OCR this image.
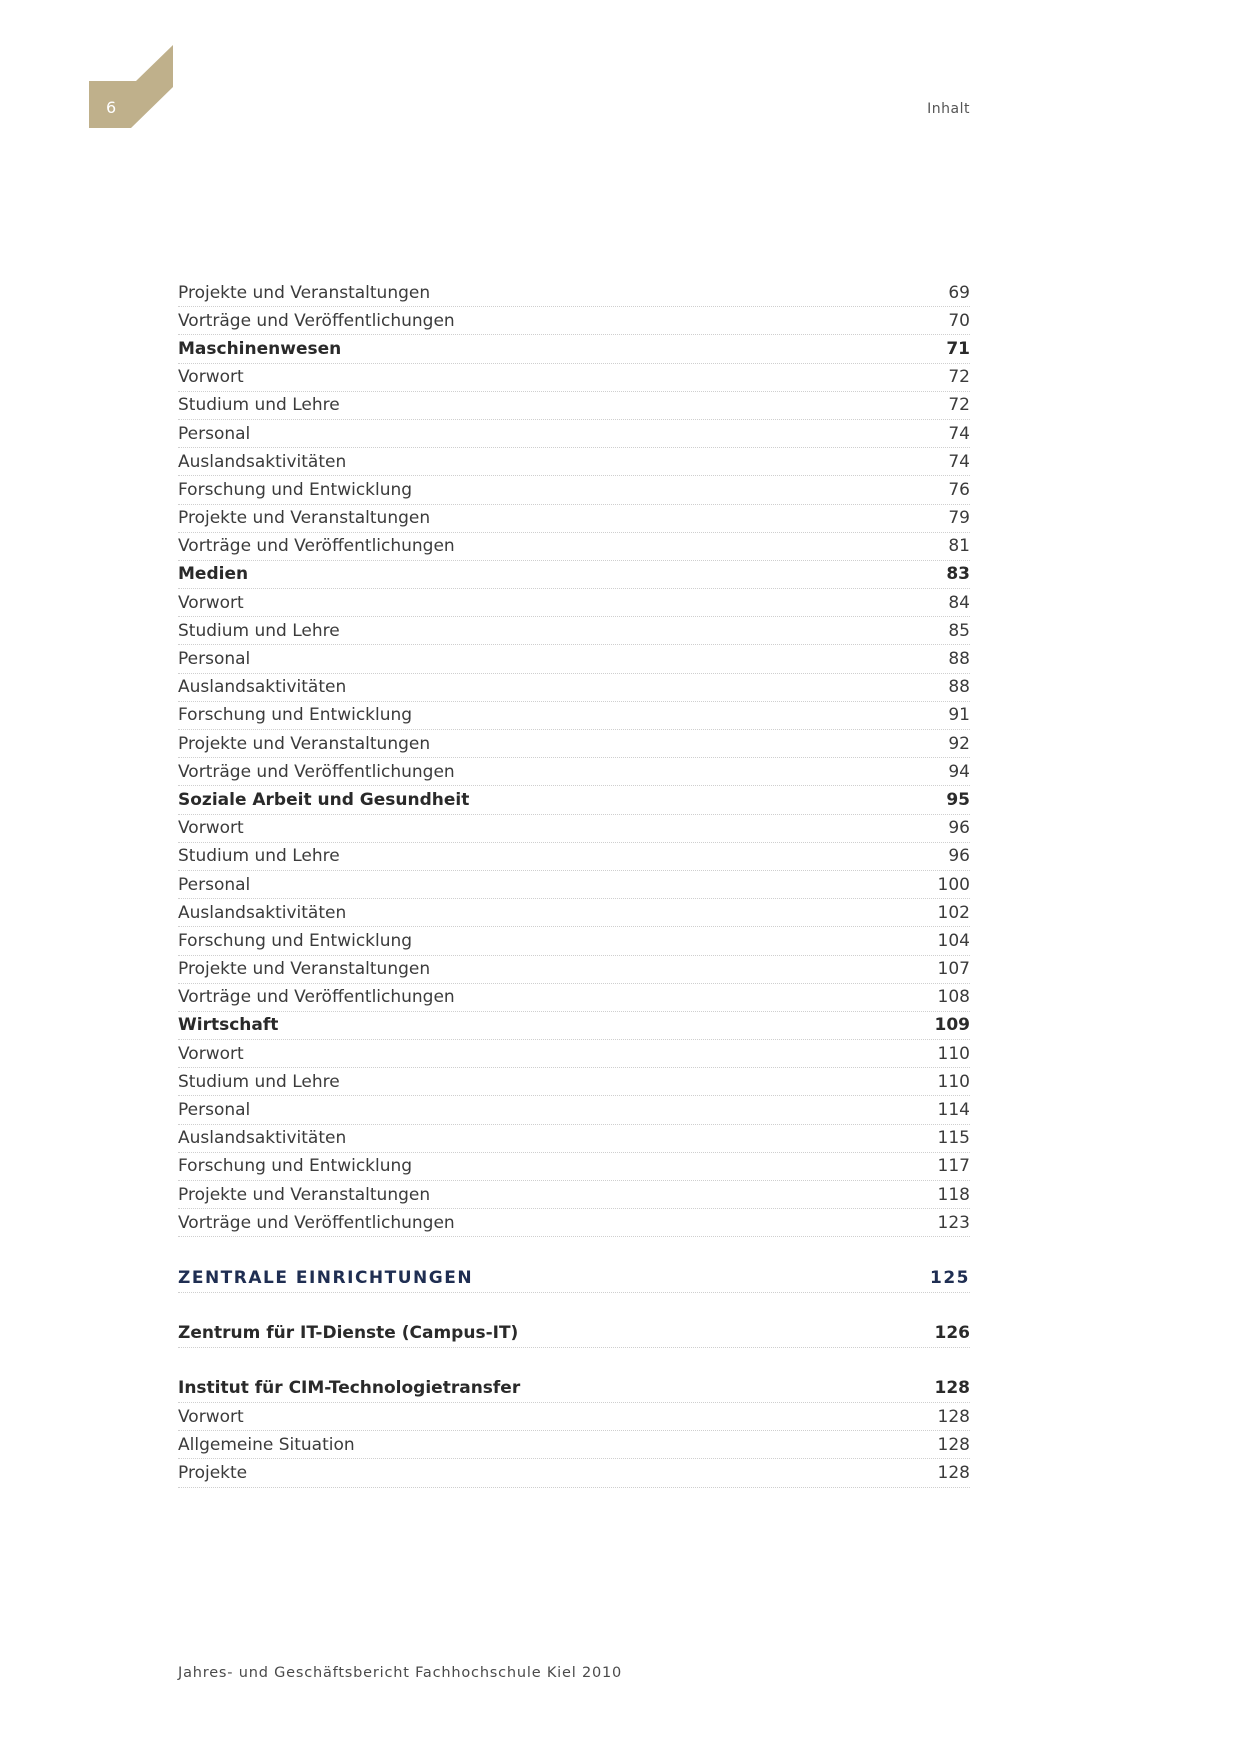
6	Inhalt
Projekte und Veranstaltungen	69
Vorträge und Veröffentlichungen	70
Maschinenwesen	71
Vorwort	72
Studium und Lehre	72
Personal	74
Auslandsaktivitäten	74
Forschung und Entwicklung	76
Projekte und Veranstaltungen	79
Vorträge und Veröffentlichungen	81
Medien	83
Vorwort	84
Studium und Lehre	85
Personal	88
Auslandsaktivitäten	88
Forschung und Entwicklung	91
Projekte und Veranstaltungen	92
Vorträge und Veröffentlichungen	94
Soziale Arbeit und Gesundheit	95
Vorwort	96
Studium und Lehre	96
Personal	100
Auslandsaktivitäten	102
Forschung und Entwicklung	104
Projekte und Veranstaltungen	107
Vorträge und Veröffentlichungen	108
Wirtschaft	109
Vorwort	110
Studium und Lehre	110
Personal	114
Auslandsaktivitäten	115
Forschung und Entwicklung	117
Projekte und Veranstaltungen	118
Vorträge und Veröffentlichungen	123
ZENTRALE EINRICHTUNGEN	125
Zentrum für IT-Dienste (Campus-IT)	126
Institut für CIM-Technologietransfer	128
Vorwort	128
Allgemeine Situation	128
Projekte	128
Jahres- und Geschäftsbericht Fachhochschule Kiel 2010
